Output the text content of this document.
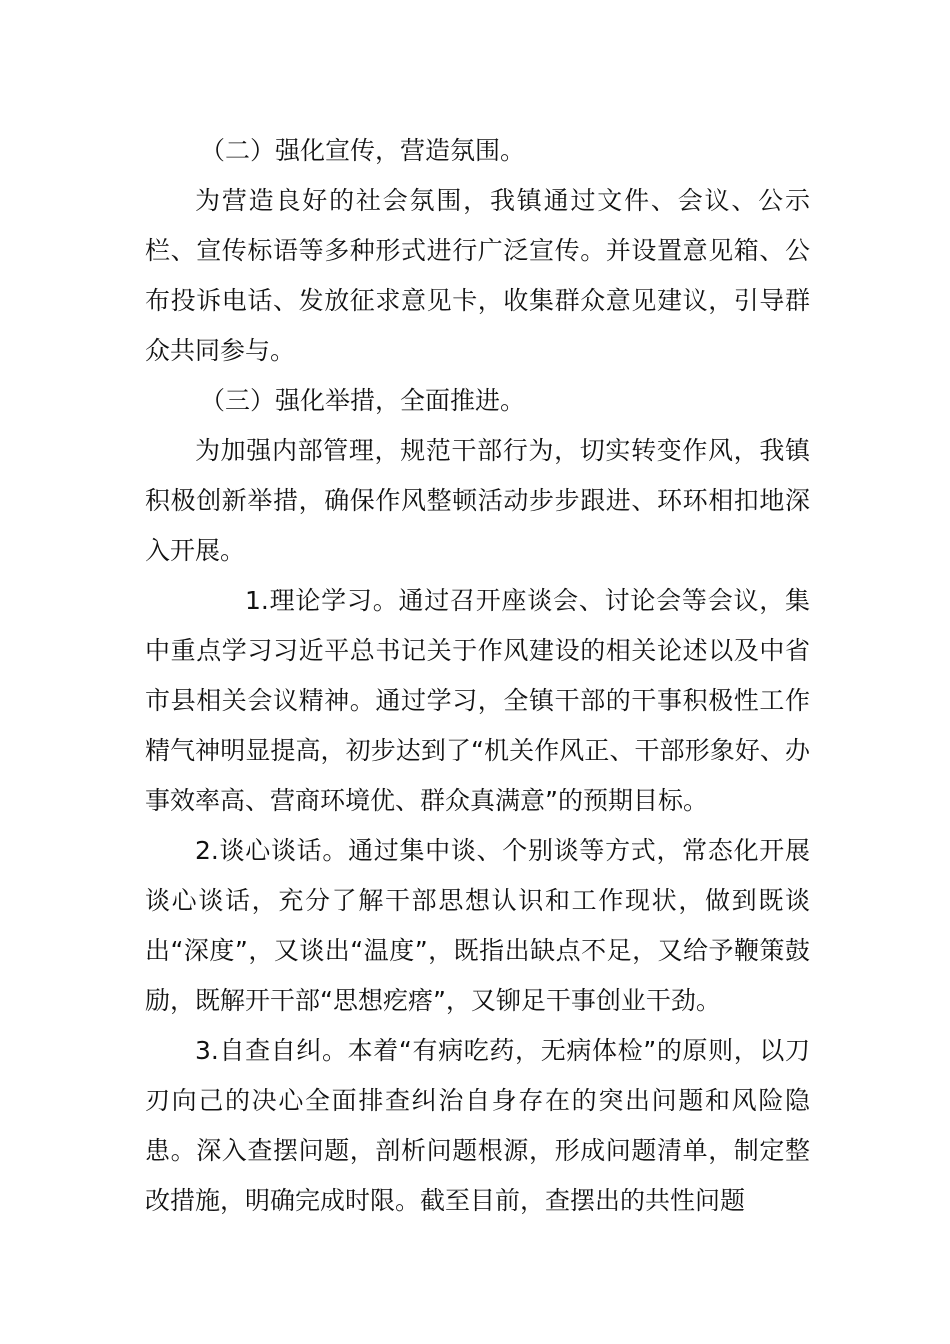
（二）强化宣传，营造氛围。

为营造良好的社会氛围，我镇通过文件、会议、公示栏、宣传标语等多种形式进行广泛宣传。并设置意见箱、公布投诉电话、发放征求意见卡，收集群众意见建议，引导群众共同参与。

（三）强化举措，全面推进。

为加强内部管理，规范干部行为，切实转变作风，我镇积极创新举措，确保作风整顿活动步步跟进、环环相扣地深入开展。

1.理论学习。通过召开座谈会、讨论会等会议，集中重点学习习近平总书记关于作风建设的相关论述以及中省市县相关会议精神。通过学习，全镇干部的干事积极性工作精气神明显提高，初步达到了“机关作风正、干部形象好、办事效率高、营商环境优、群众真满意”的预期目标。

2.谈心谈话。通过集中谈、个别谈等方式，常态化开展谈心谈话，充分了解干部思想认识和工作现状，做到既谈出“深度”，又谈出“温度”，既指出缺点不足，又给予鞭策鼓励，既解开干部“思想疙瘩”，又铆足干事创业干劲。

3.自查自纠。本着“有病吃药，无病体检”的原则，以刀刃向己的决心全面排查纠治自身存在的突出问题和风险隐患。深入查摆问题，剖析问题根源，形成问题清单，制定整改措施，明确完成时限。截至目前，查摆出的共性问题
